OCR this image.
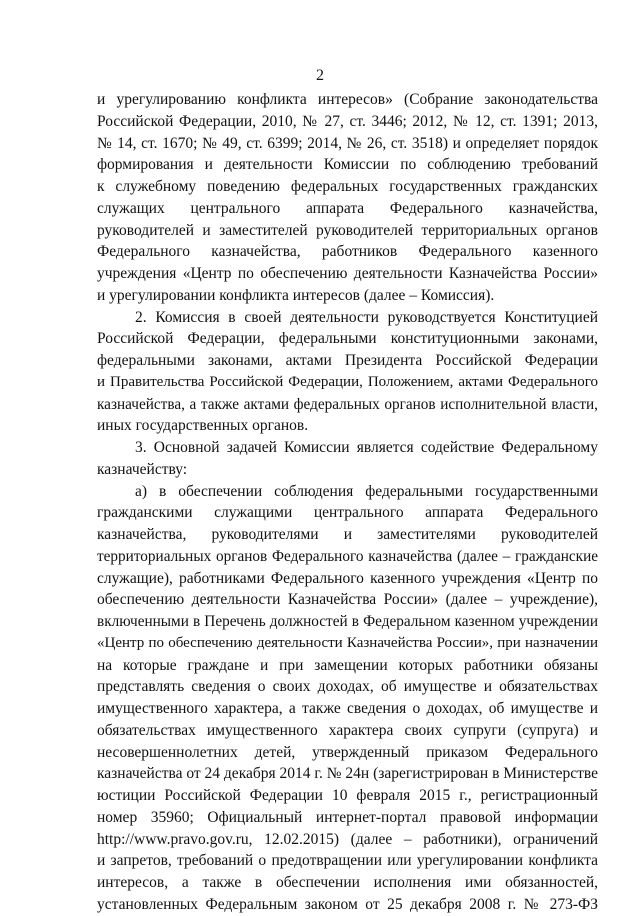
2
и урегулированию конфликта интересов» (Собрание законодательства
Российской Федерации, 2010, № 27, ст. 3446; 2012, № 12, ст. 1391; 2013,
№ 14, ст. 1670; № 49, ст. 6399; 2014, № 26, ст. 3518) и определяет порядок
формирования и деятельности Комиссии по соблюдению требований
к служебному поведению федеральных государственных гражданских
служащих центрального аппарата Федерального казначейства,
руководителей и заместителей руководителей территориальных органов
Федерального казначейства, работников Федерального казенного
учреждения «Центр по обеспечению деятельности Казначейства России»
и урегулировании конфликта интересов (далее – Комиссия).
2. Комиссия в своей деятельности руководствуется Конституцией
Российской Федерации, федеральными конституционными законами,
федеральными законами, актами Президента Российской Федерации
и Правительства Российской Федерации, Положением, актами Федерального
казначейства, а также актами федеральных органов исполнительной власти,
иных государственных органов.
3. Основной задачей Комиссии является содействие Федеральному
казначейству:
а) в обеспечении соблюдения федеральными государственными
гражданскими служащими центрального аппарата Федерального
казначейства, руководителями и заместителями руководителей
территориальных органов Федерального казначейства (далее – гражданские
служащие), работниками Федерального казенного учреждения «Центр по
обеспечению деятельности Казначейства России» (далее – учреждение),
включенными в Перечень должностей в Федеральном казенном учреждении
«Центр по обеспечению деятельности Казначейства России», при назначении
на которые граждане и при замещении которых работники обязаны
представлять сведения о своих доходах, об имуществе и обязательствах
имущественного характера, а также сведения о доходах, об имуществе и
обязательствах имущественного характера своих супруги (супруга) и
несовершеннолетних детей, утвержденный приказом Федерального
казначейства от 24 декабря 2014 г. № 24н (зарегистрирован в Министерстве
юстиции Российской Федерации 10 февраля 2015 г., регистрационный
номер 35960; Официальный интернет-портал правовой информации
http://www.pravo.gov.ru, 12.02.2015) (далее – работники), ограничений
и запретов, требований о предотвращении или урегулировании конфликта
интересов, а также в обеспечении исполнения ими обязанностей,
установленных Федеральным законом от 25 декабря 2008 г. № 273-ФЗ
